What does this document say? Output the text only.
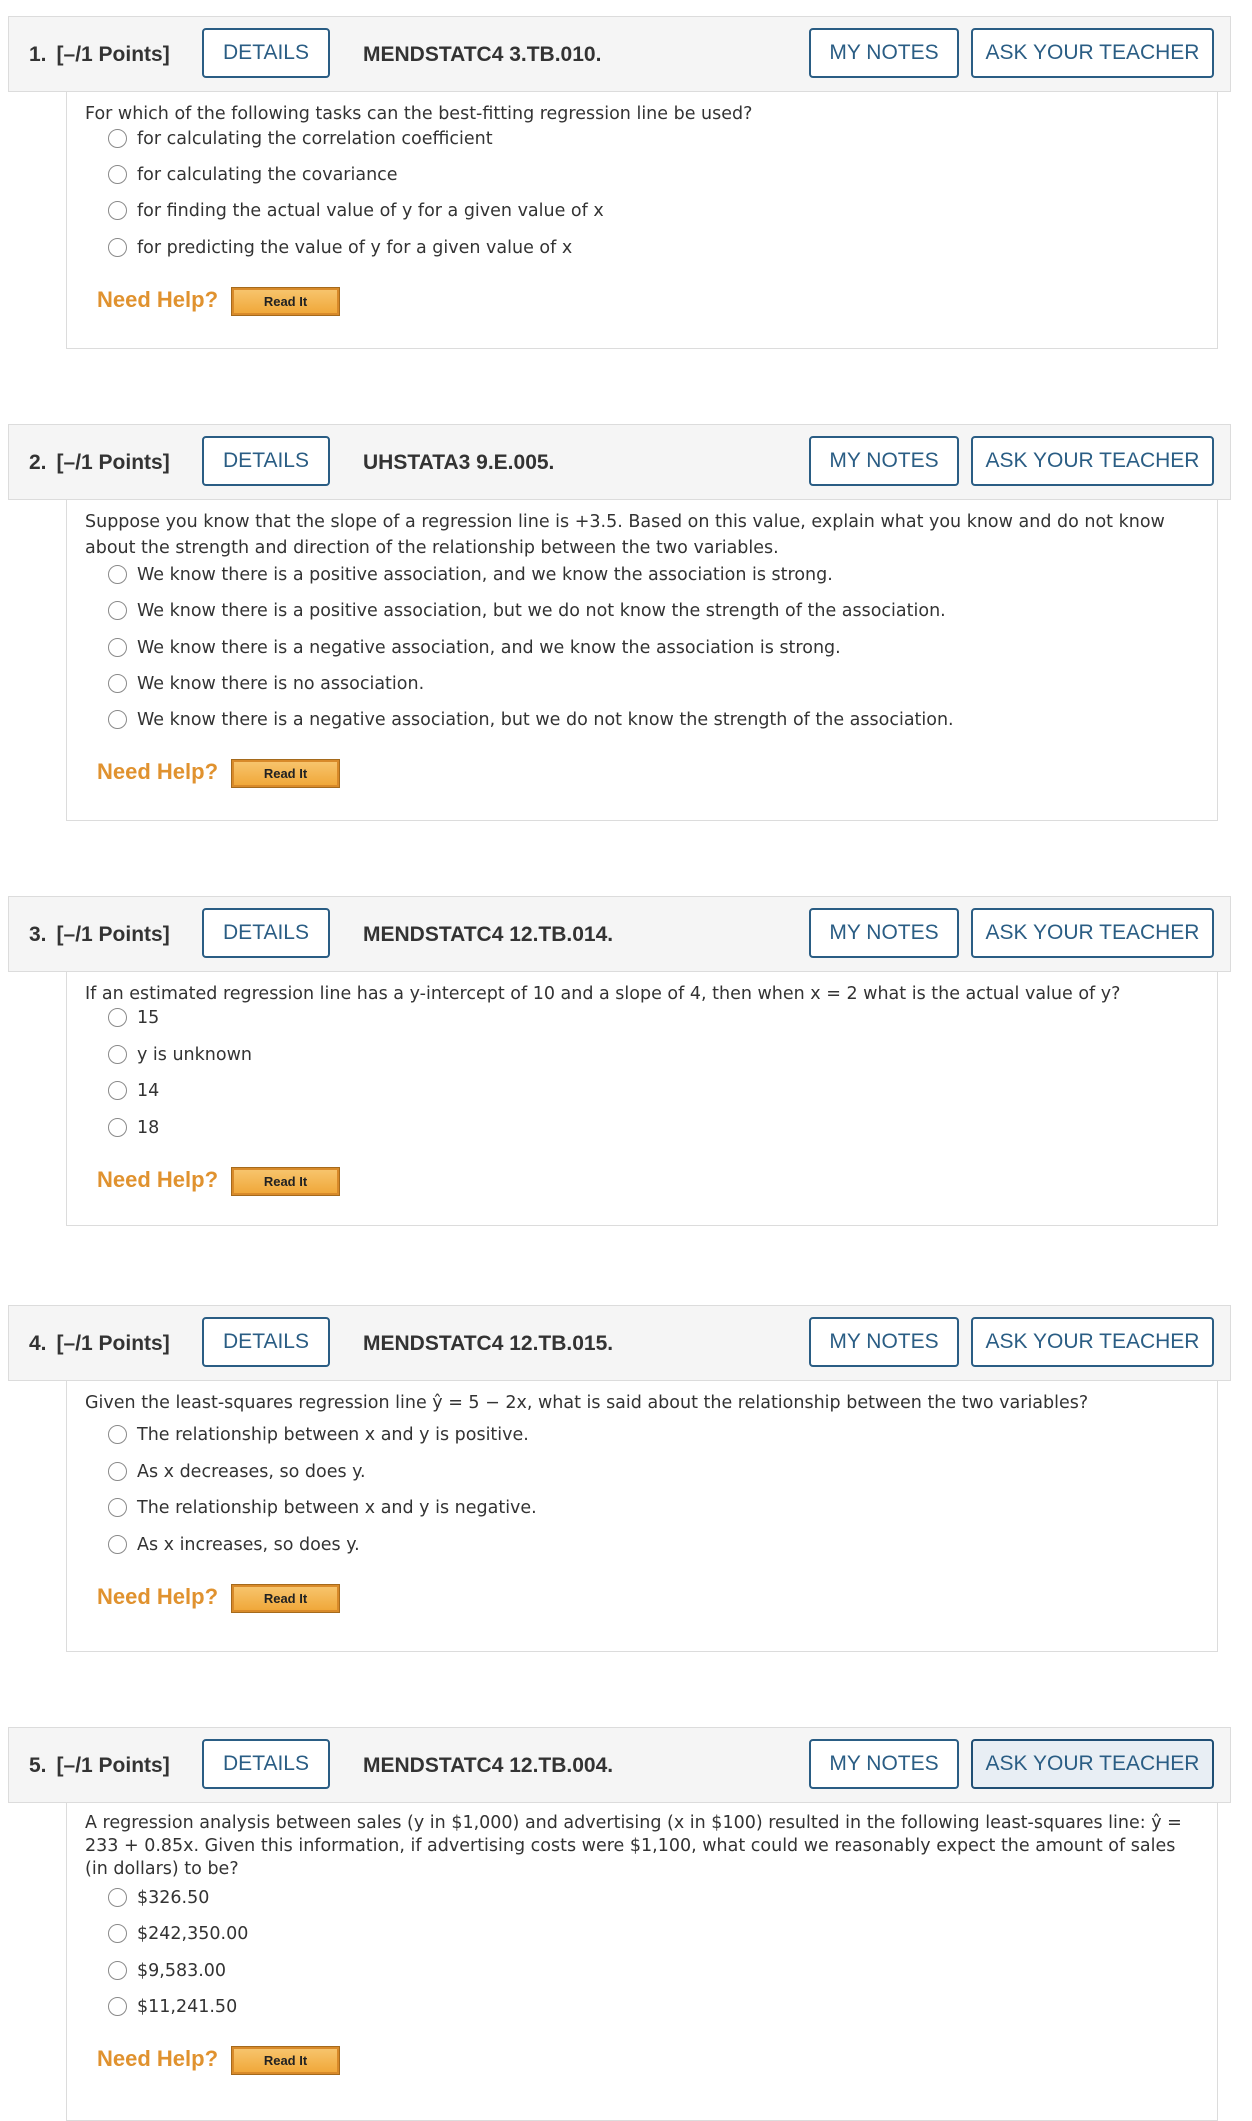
1. [–/1 Points]	DETAILS	MENDSTATC4 3.TB.010.	MY NOTES	ASK YOUR TEACHER
For which of the following tasks can the best-fitting regression line be used?
for calculating the correlation coefficient
for calculating the covariance
for finding the actual value of y for a given value of x
for predicting the value of y for a given value of x
Need Help?	Read It
2. [–/1 Points]	DETAILS	UHSTATA3 9.E.005.	MY NOTES	ASK YOUR TEACHER
Suppose you know that the slope of a regression line is +3.5. Based on this value, explain what you know and do not know about the strength and direction of the relationship between the two variables.
We know there is a positive association, and we know the association is strong.
We know there is a positive association, but we do not know the strength of the association.
We know there is a negative association, and we know the association is strong.
We know there is no association.
We know there is a negative association, but we do not know the strength of the association.
Need Help?	Read It
3. [–/1 Points]	DETAILS	MENDSTATC4 12.TB.014.	MY NOTES	ASK YOUR TEACHER
If an estimated regression line has a y-intercept of 10 and a slope of 4, then when x = 2 what is the actual value of y?
15
y is unknown
14
18
Need Help?	Read It
4. [–/1 Points]	DETAILS	MENDSTATC4 12.TB.015.	MY NOTES	ASK YOUR TEACHER
Given the least-squares regression line ŷ = 5 − 2x, what is said about the relationship between the two variables?
The relationship between x and y is positive.
As x decreases, so does y.
The relationship between x and y is negative.
As x increases, so does y.
Need Help?	Read It
5. [–/1 Points]	DETAILS	MENDSTATC4 12.TB.004.	MY NOTES	ASK YOUR TEACHER
A regression analysis between sales (y in $1,000) and advertising (x in $100) resulted in the following least-squares line: ŷ = 233 + 0.85x. Given this information, if advertising costs were $1,100, what could we reasonably expect the amount of sales (in dollars) to be?
$326.50
$242,350.00
$9,583.00
$11,241.50
Need Help?	Read It
